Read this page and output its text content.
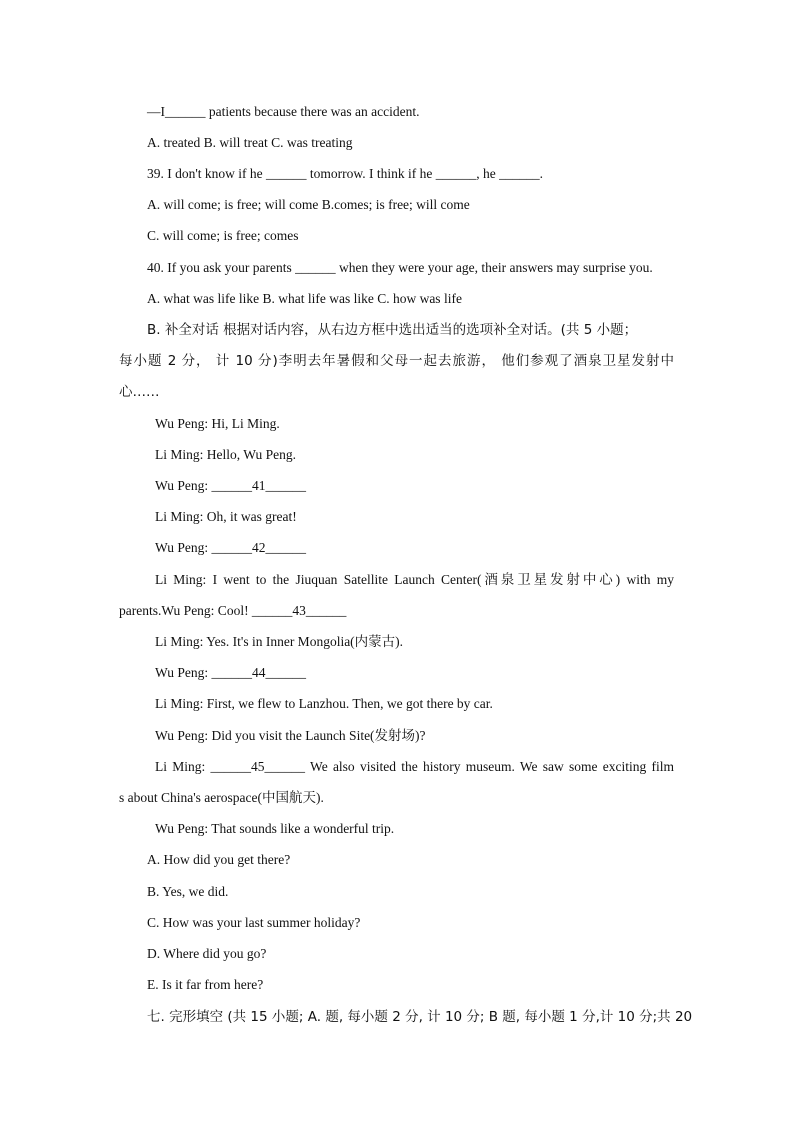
—I______ patients because there was an accident.
A. treated B. will treat C. was treating
39. I don't know if he ______ tomorrow. I think if he ______, he ______.
A. will come; is free; will come B.comes; is free; will come
C. will come; is free; comes
40. If you ask your parents ______ when they were your age, their answers may surprise you.
A. what was life like B. what life was like C. how was life
B. 补全对话 根据对话内容，从右边方框中选出适当的选项补全对话。(共 5 小题；
每小题 2 分， 计 10 分)李明去年暑假和父母一起去旅游， 他们参观了酒泉卫星发射中
心……
Wu Peng: Hi, Li Ming.
Li Ming: Hello, Wu Peng.
Wu Peng: ______41______
Li Ming: Oh, it was great!
Wu Peng: ______42______
Li Ming: I went to the Jiuquan Satellite Launch Center(酒泉卫星发射中心) with my
parents.Wu Peng: Cool! ______43______
Li Ming: Yes. It's in Inner Mongolia(内蒙古).
Wu Peng: ______44______
Li Ming: First, we flew to Lanzhou. Then, we got there by car.
Wu Peng: Did you visit the Launch Site(发射场)?
Li Ming: ______45______ We also visited the history museum. We saw some exciting film
s about China's aerospace(中国航天).
Wu Peng: That sounds like a wonderful trip.
A. How did you get there?
B. Yes, we did.
C. How was your last summer holiday?
D. Where did you go?
E. Is it far from here?
七. 完形填空 (共 15 小题; A. 题, 每小题 2 分, 计 10 分; B 题, 每小题 1 分,计 10 分;共 20
